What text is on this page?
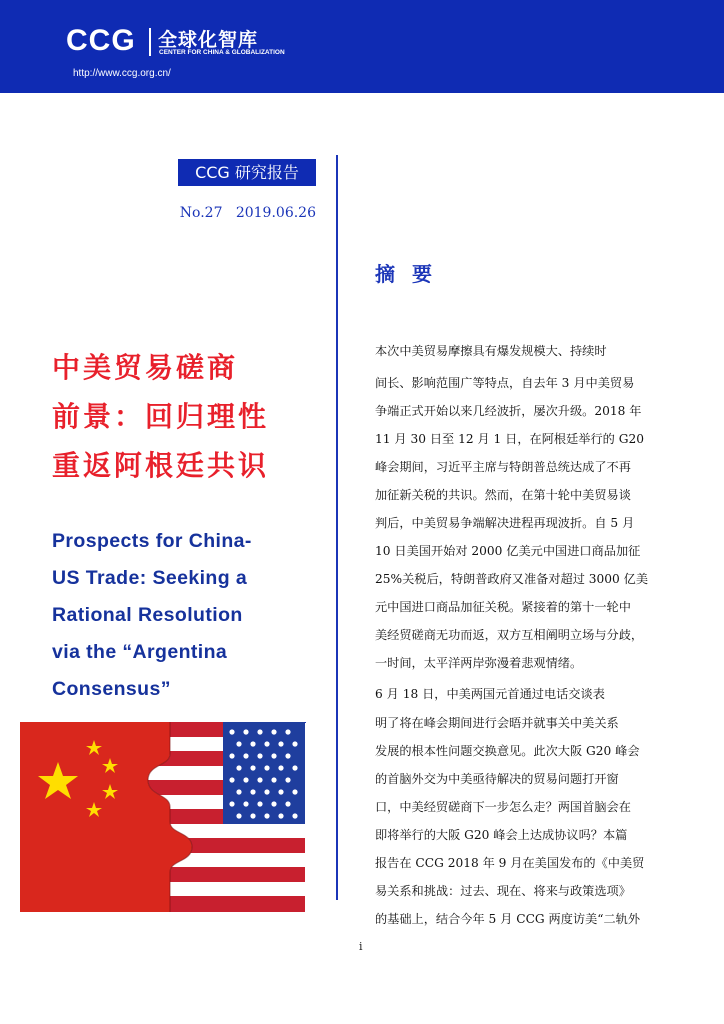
CCG 全球化智库
CENTER FOR CHINA & GLOBALIZATION
http://www.ccg.org.cn/
CCG 研究报告
No.27   2019.06.26
摘 要
中美贸易磋商
前景：回归理性
重返阿根廷共识
Prospects for China-
US Trade: Seeking a
Rational Resolution
via the “Argentina
Consensus”
本次中美贸易摩擦具有爆发规模大、持续时
间长、影响范围广等特点，自去年 3 月中美贸易
争端正式开始以来几经波折，屡次升级。2018 年
11 月 30 日至 12 月 1 日，在阿根廷举行的 G20
峰会期间，习近平主席与特朗普总统达成了不再
加征新关税的共识。然而，在第十轮中美贸易谈
判后，中美贸易争端解决进程再现波折。自 5 月
10 日美国开始对 2000 亿美元中国进口商品加征
25%关税后，特朗普政府又准备对超过 3000 亿美
元中国进口商品加征关税。紧接着的第十一轮中
美经贸磋商无功而返，双方互相阐明立场与分歧，
一时间，太平洋两岸弥漫着悲观情绪。
6 月 18 日，中美两国元首通过电话交谈表
明了将在峰会期间进行会晤并就事关中美关系
发展的根本性问题交换意见。此次大阪 G20 峰会
的首脑外交为中美亟待解决的贸易问题打开窗
口，中美经贸磋商下一步怎么走？两国首脑会在
即将举行的大阪 G20 峰会上达成协议吗？本篇
报告在 CCG 2018 年 9 月在美国发布的《中美贸
易关系和挑战：过去、现在、将来与政策选项》
的基础上，结合今年 5 月 CCG 两度访美“二轨外
i
